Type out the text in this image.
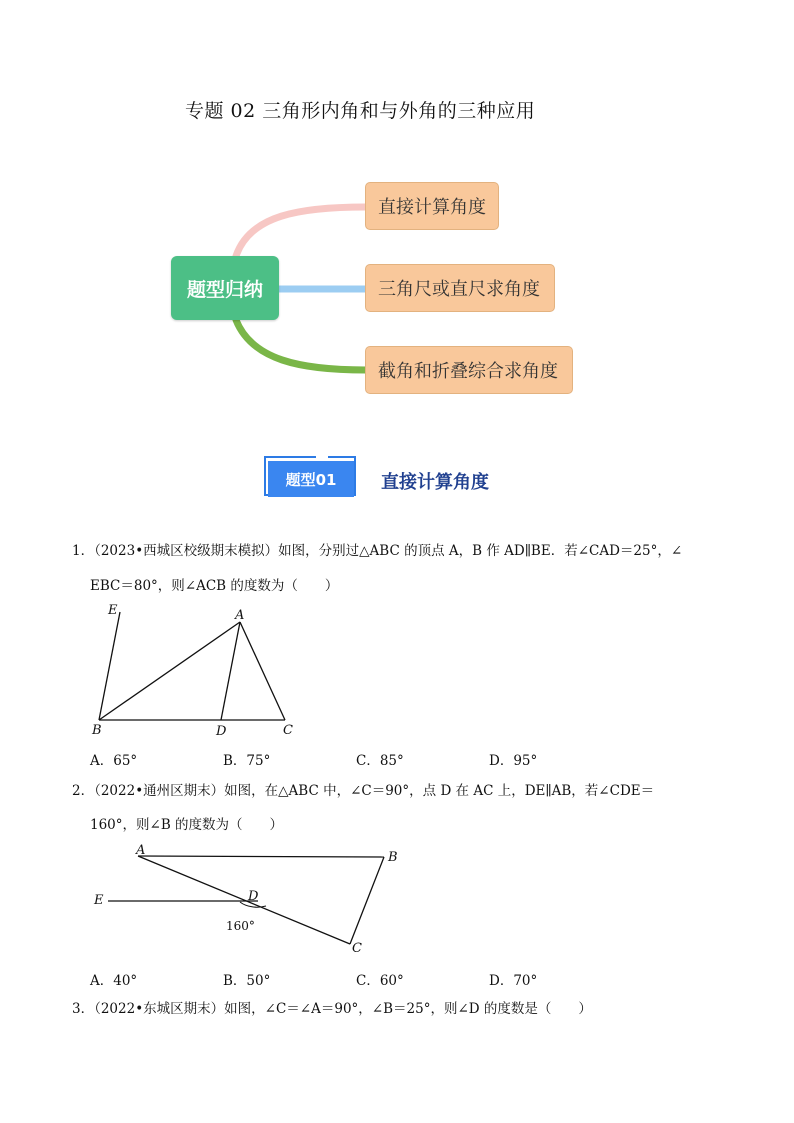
专题 02 三角形内角和与外角的三种应用
题型归纳
直接计算角度
三角尺或直尺求角度
截角和折叠综合求角度
题型01	直接计算角度
1．（2023•西城区校级期末模拟）如图，分别过△ABC 的顶点 A，B 作 AD∥BE．若∠CAD＝25°，∠
EBC＝80°，则∠ACB 的度数为（　　）
E	A
B	D	C
A．65°	B．75°	C．85°	D．95°
2．（2022•通州区期末）如图，在△ABC 中，∠C＝90°，点 D 在 AC 上，DE∥AB，若∠CDE＝
160°，则∠B 的度数为（　　）
A	B
E	D
C
160°
A．40°	B．50°	C．60°	D．70°
3．（2022•东城区期末）如图，∠C＝∠A＝90°，∠B＝25°，则∠D 的度数是（　　）
